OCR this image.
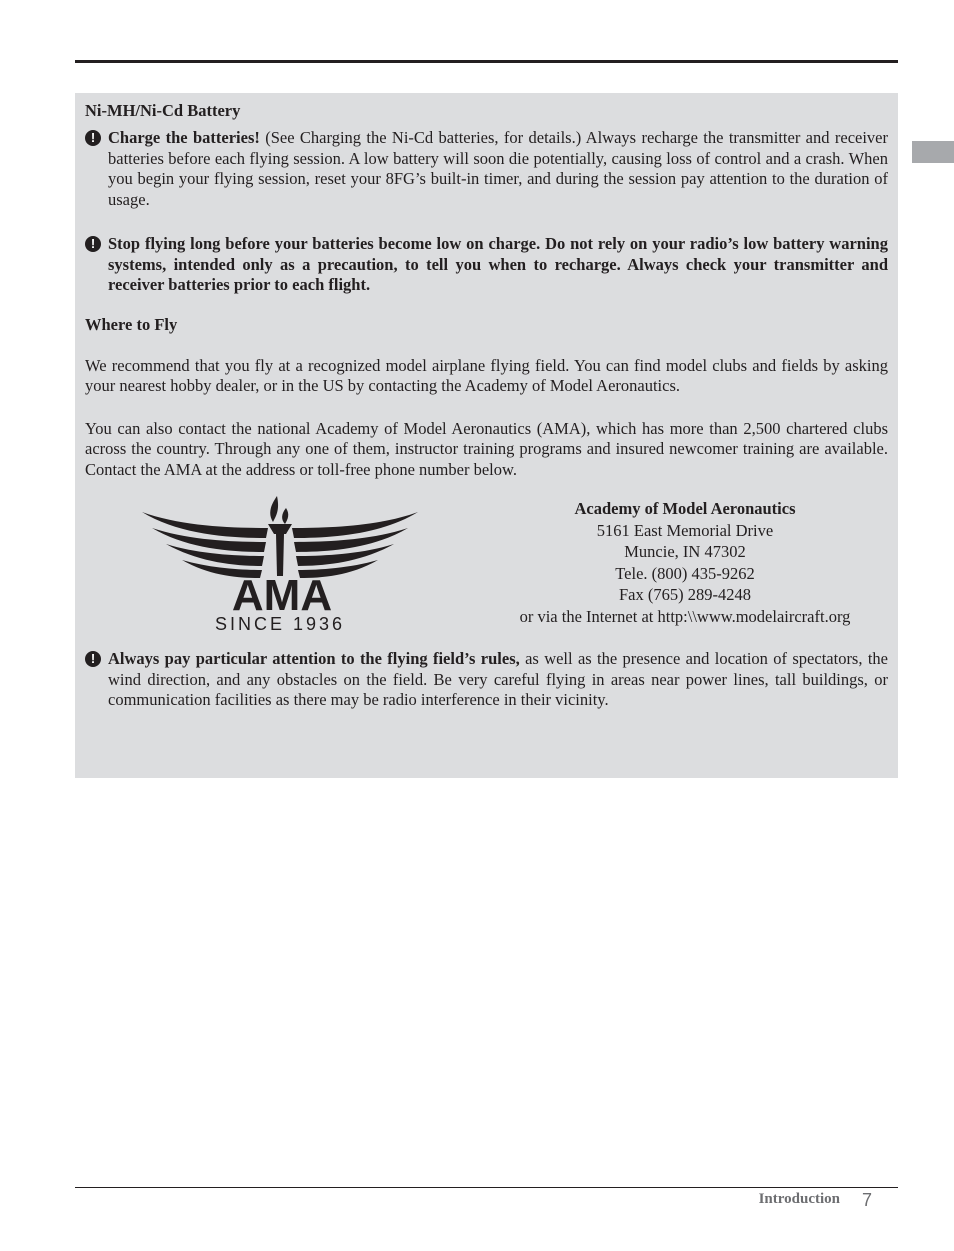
Ni-MH/Ni-Cd Battery

! Charge the batteries! (See Charging the Ni-Cd batteries, for details.) Always recharge the transmitter and receiver batteries before each flying session. A low battery will soon die potentially, causing loss of control and a crash. When you begin your flying session, reset your 8FG’s built-in timer, and during the session pay attention to the duration of usage.

! Stop flying long before your batteries become low on charge. Do not rely on your radio’s low battery warning systems, intended only as a precaution, to tell you when to recharge. Always check your transmitter and receiver batteries prior to each flight.

Where to Fly

We recommend that you fly at a recognized model airplane flying field. You can find model clubs and fields by asking your nearest hobby dealer, or in the US by contacting the Academy of Model Aeronautics.

You can also contact the national Academy of Model Aeronautics (AMA), which has more than 2,500 chartered clubs across the country. Through any one of them, instructor training programs and insured newcomer training are available. Contact the AMA at the address or toll-free phone number below.

AMA
SINCE 1936
Academy of Model Aeronautics
5161 East Memorial Drive
Muncie, IN 47302
Tele. (800) 435-9262
Fax (765) 289-4248
or via the Internet at http:\\www.modelaircraft.org

! Always pay particular attention to the flying field’s rules, as well as the presence and location of spectators, the wind direction, and any obstacles on the field. Be very careful flying in areas near power lines, tall buildings, or communication facilities as there may be radio interference in their vicinity.

Introduction 7
